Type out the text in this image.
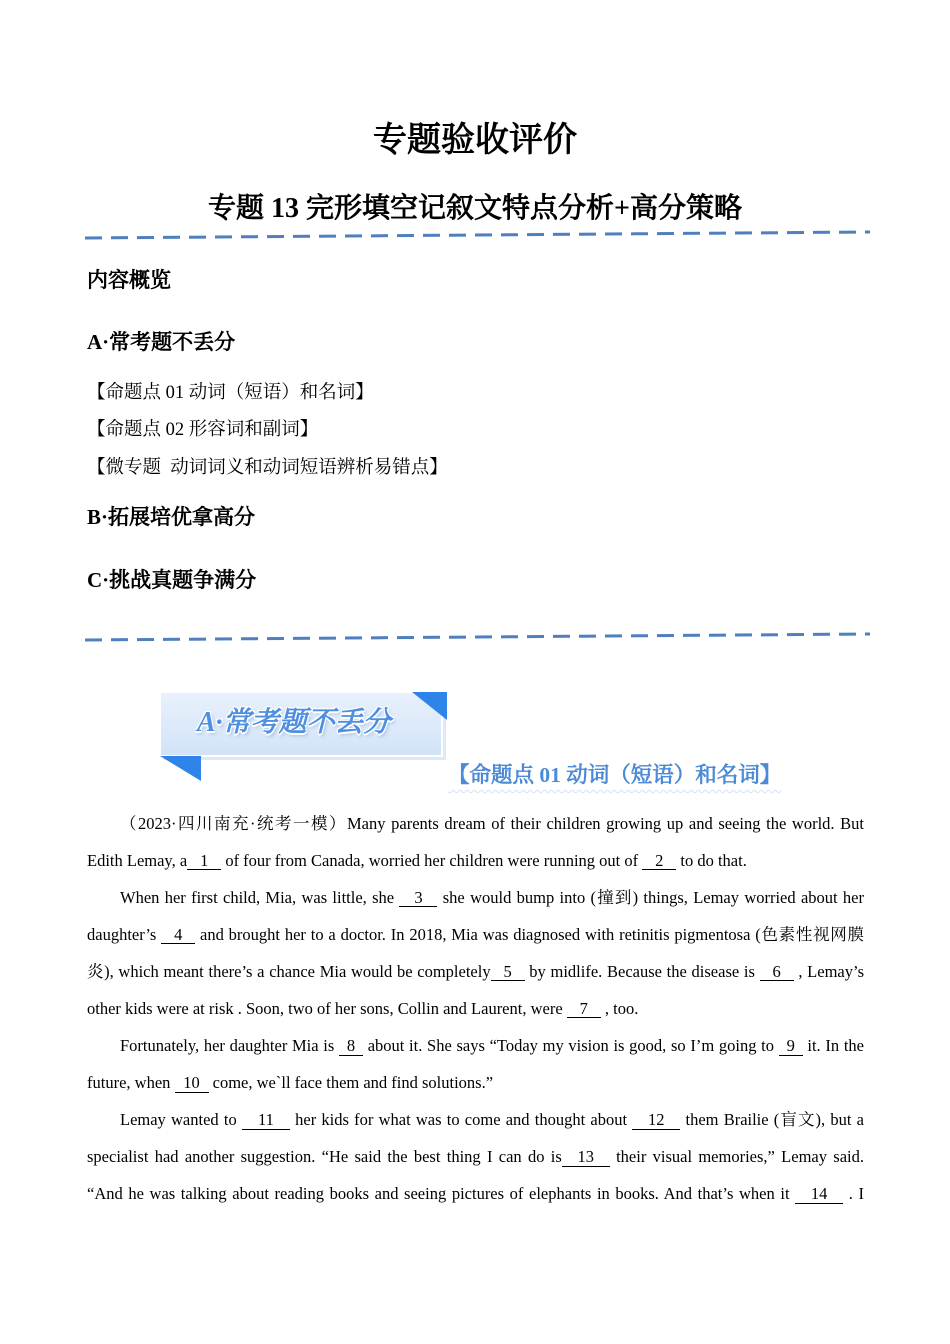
专题验收评价
专题 13 完形填空记叙文特点分析+高分策略
内容概览
A·常考题不丢分
【命题点 01 动词（短语）和名词】
【命题点 02 形容词和副词】
【微专题  动词词义和动词短语辨析易错点】
B·拓展培优拿高分
C·挑战真题争满分
A·常考题不丢分
【命题点 01 动词（短语）和名词】
（2023·四川南充·统考一模）Many parents dream of their children growing up and seeing the world. But
Edith Lemay, a 1 of four from Canada, worried her children were running out of 2 to do that.
When her first child, Mia, was little, she 3 she would bump into (撞到) things, Lemay worried about her
daughter’s 4 and brought her to a doctor. In 2018, Mia was diagnosed with retinitis pigmentosa (色素性视网膜
炎), which meant there’s a chance Mia would be completely 5 by midlife. Because the disease is 6 , Lemay’s
other kids were at risk . Soon, two of her sons, Collin and Laurent, were 7 , too.
Fortunately, her daughter Mia is 8 about it. She says “Today my vision is good, so I’m going to 9 it. In the
future, when 10 come, we`ll face them and find solutions.”
Lemay wanted to 11 her kids for what was to come and thought about 12 them Brailie (盲文), but a
specialist had another suggestion. “He said the best thing I can do is 13 their visual memories,” Lemay said.
“And he was talking about reading books and seeing pictures of elephants in books. And that’s when it 14 . I
